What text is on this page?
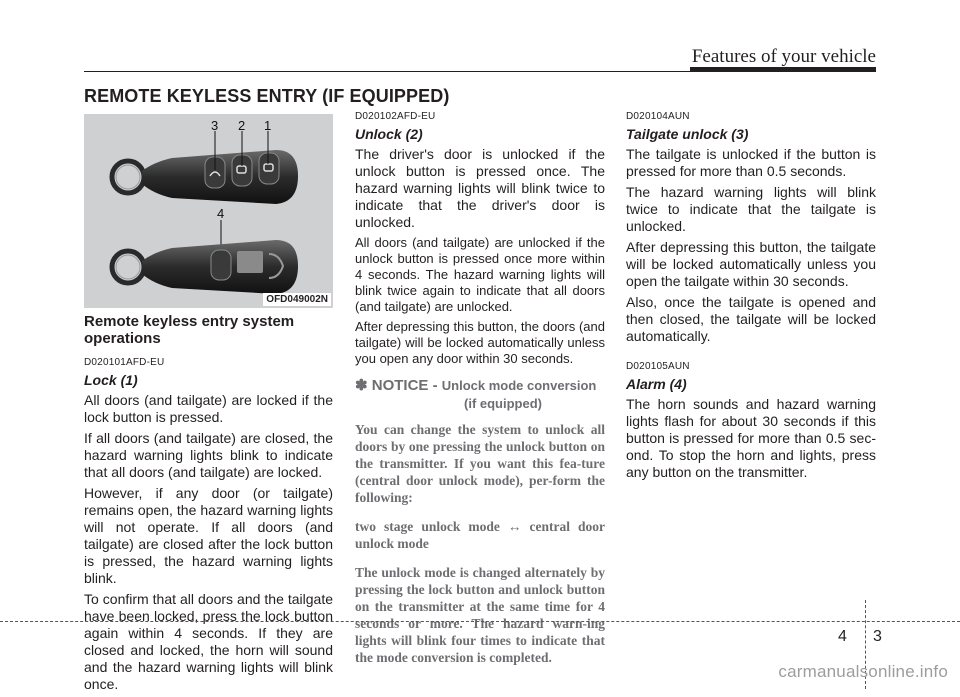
Features of your vehicle
REMOTE KEYLESS ENTRY (IF EQUIPPED)
3 2 1
4
OFD049002N
Remote keyless entry system operations
D020101AFD-EU
Lock (1)

All doors (and tailgate) are locked if the lock button is pressed.

If all doors (and tailgate) are closed, the hazard warning lights blink to indicate that all doors (and tailgate) are locked.

However, if any door (or tailgate) remains open, the hazard warning lights will not operate. If all doors (and tailgate) are closed after the lock button is pressed, the hazard warning lights blink.

To confirm that all doors and the tailgate have been locked, press the lock button again within 4 seconds. If they are closed and locked, the horn will sound and the hazard warning lights will blink once.

D020102AFD-EU
Unlock (2)

The driver's door is unlocked if the unlock button is pressed once. The hazard warning lights will blink twice to indicate that the driver's door is unlocked.

All doors (and tailgate) are unlocked if the unlock button is pressed once more within 4 seconds. The hazard warning lights will blink twice again to indicate that all doors (and tailgate) are unlocked.

After depressing this button, the doors (and tailgate) will be locked automatically unless you open any door within 30 seconds.

✽ NOTICE - Unlock mode conversion
(if equipped)

You can change the system to unlock all doors by one pressing the unlock button on the transmitter. If you want this fea-ture (central door unlock mode), per-form the following:

two stage unlock mode ↔ central door unlock mode

The unlock mode is changed alternately by pressing the lock button and unlock button on the transmitter at the same time for 4 seconds or more. The hazard warn-ing lights will blink four times to indicate that the mode conversion is completed.

D020104AUN
Tailgate unlock (3)

The tailgate is unlocked if the button is pressed for more than 0.5 seconds.

The hazard warning lights will blink twice to indicate that the tailgate is unlocked.

After depressing this button, the tailgate will be locked automatically unless you open the tailgate within 30 seconds.

Also, once the tailgate is opened and then closed, the tailgate will be locked automatically.

D020105AUN
Alarm (4)

The horn sounds and hazard warning lights flash for about 30 seconds if this button is pressed for more than 0.5 sec-ond. To stop the horn and lights, press any button on the transmitter.

4 3
carmanualsonline.info
